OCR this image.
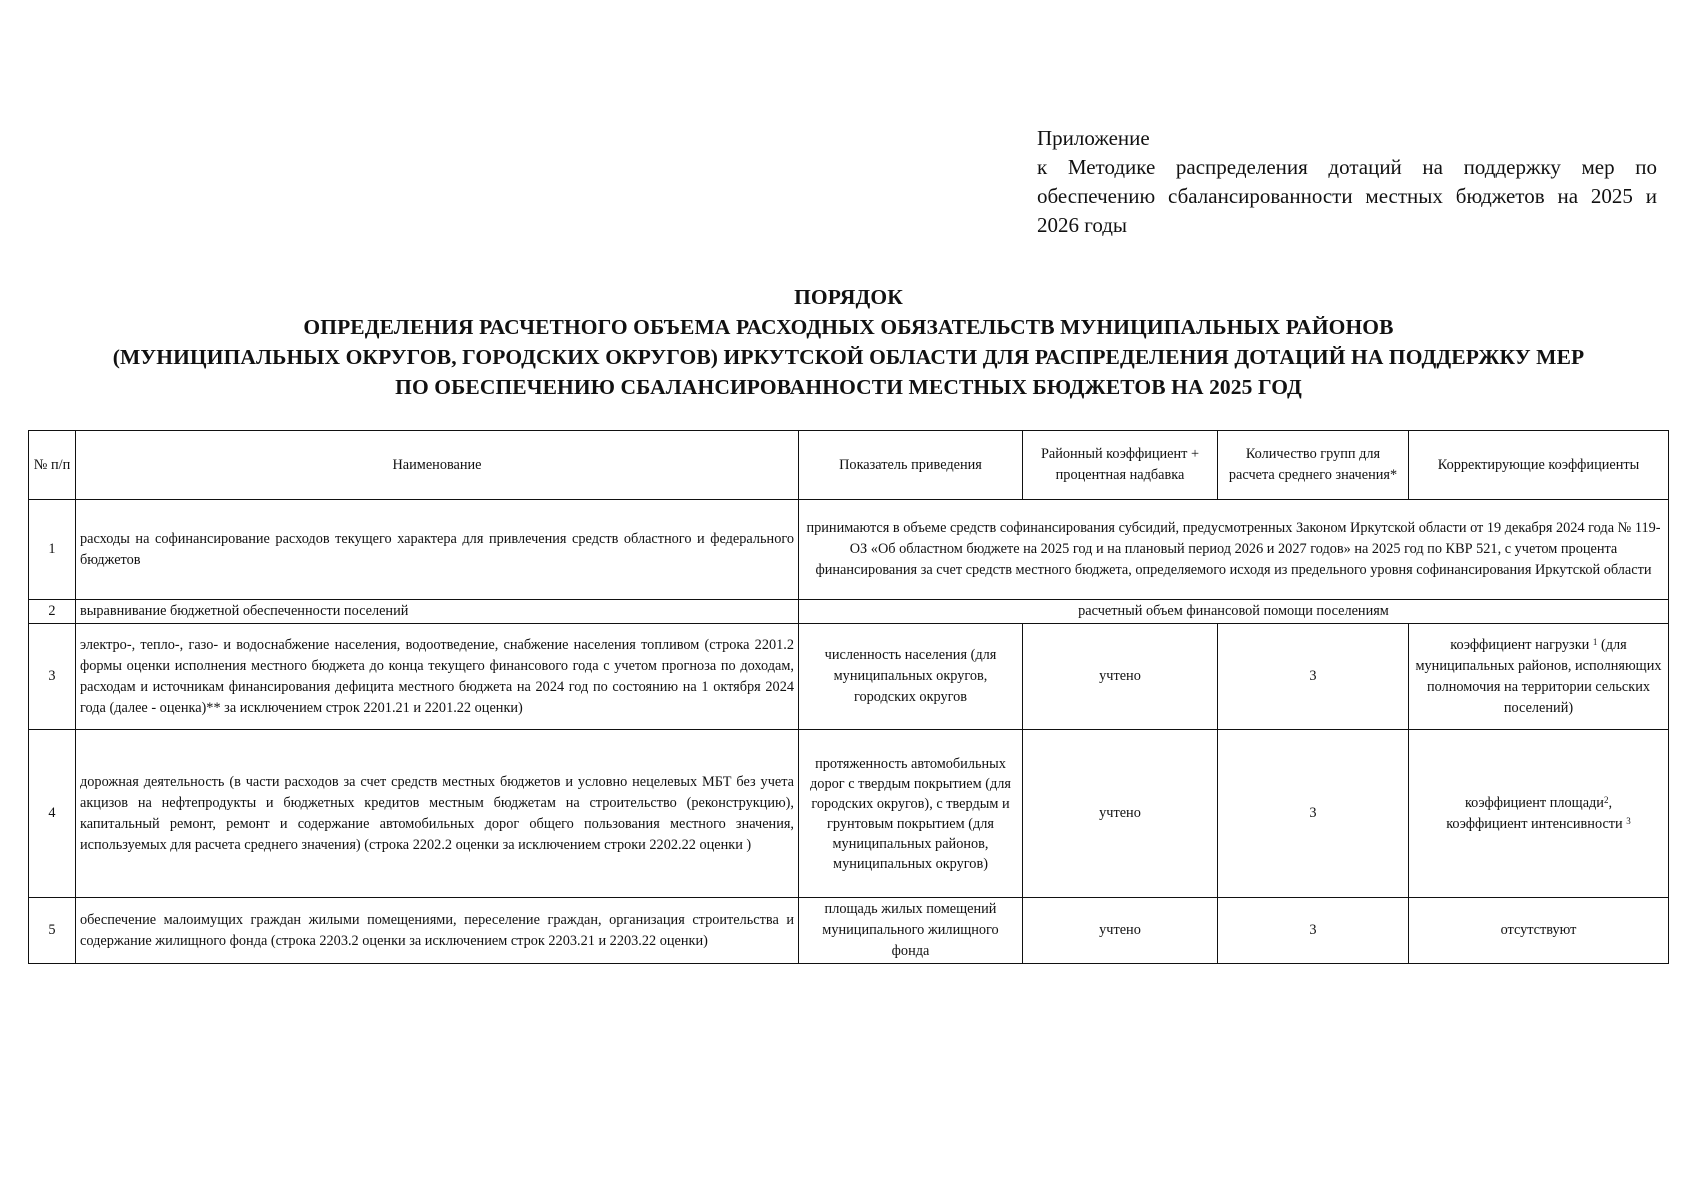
Приложение
к Методике распределения дотаций на поддержку мер по обеспечению сбалансированности местных бюджетов на 2025 и 2026 годы
ПОРЯДОК
ОПРЕДЕЛЕНИЯ РАСЧЕТНОГО ОБЪЕМА РАСХОДНЫХ ОБЯЗАТЕЛЬСТВ МУНИЦИПАЛЬНЫХ РАЙОНОВ
(МУНИЦИПАЛЬНЫХ ОКРУГОВ, ГОРОДСКИХ ОКРУГОВ) ИРКУТСКОЙ ОБЛАСТИ ДЛЯ РАСПРЕДЕЛЕНИЯ ДОТАЦИЙ НА ПОДДЕРЖКУ МЕР
ПО ОБЕСПЕЧЕНИЮ СБАЛАНСИРОВАННОСТИ МЕСТНЫХ БЮДЖЕТОВ НА 2025 ГОД
№ п/п	Наименование	Показатель приведения	Районный коэффициент + процентная надбавка	Количество групп для расчета среднего значения*	Корректирующие коэффициенты
1	расходы на софинансирование расходов текущего характера для привлечения средств областного и федерального бюджетов	принимаются в объеме средств софинансирования субсидий, предусмотренных Законом Иркутской области от 19 декабря 2024 года № 119-ОЗ «Об областном бюджете на 2025 год и на плановый период 2026 и 2027 годов» на 2025 год по КВР 521, с учетом процента финансирования за счет средств местного бюджета, определяемого исходя из предельного уровня софинансирования Иркутской области			
2	выравнивание бюджетной обеспеченности поселений	расчетный объем финансовой помощи поселениям			
3	электро-, тепло-, газо- и водоснабжение населения, водоотведение, снабжение населения топливом (строка 2201.2 формы оценки исполнения местного бюджета до конца текущего финансового года с учетом прогноза по доходам, расходам и источникам финансирования дефицита местного бюджета на 2024 год по состоянию на 1 октября 2024 года (далее - оценка)** за исключением строк 2201.21 и 2201.22 оценки)	численность населения (для муниципальных округов, городских округов	учтено	3	коэффициент нагрузки $^1$ (для муниципальных районов, исполняющих полномочия на территории сельских поселений)
4	дорожная деятельность (в части расходов за счет средств местных бюджетов и условно нецелевых МБТ без учета акцизов на нефтепродукты и бюджетных кредитов местным бюджетам на строительство (реконструкцию), капитальный ремонт, ремонт и содержание автомобильных дорог общего пользования местного значения, используемых для расчета среднего значения) (строка 2202.2 оценки за исключением строки 2202.22 оценки )	протяженность автомобильных дорог с твердым покрытием (для городских округов), с твердым и грунтовым покрытием (для муниципальных районов, муниципальных округов)	учтено	3	коэффициент площади$^2$,
коэффициент интенсивности $^3$
5	обеспечение малоимущих граждан жилыми помещениями, переселение граждан, организация строительства и содержание жилищного фонда (строка 2203.2 оценки за исключением строк 2203.21 и 2203.22 оценки)	площадь жилых помещений муниципального жилищного фонда	учтено	3	отсутствуют
